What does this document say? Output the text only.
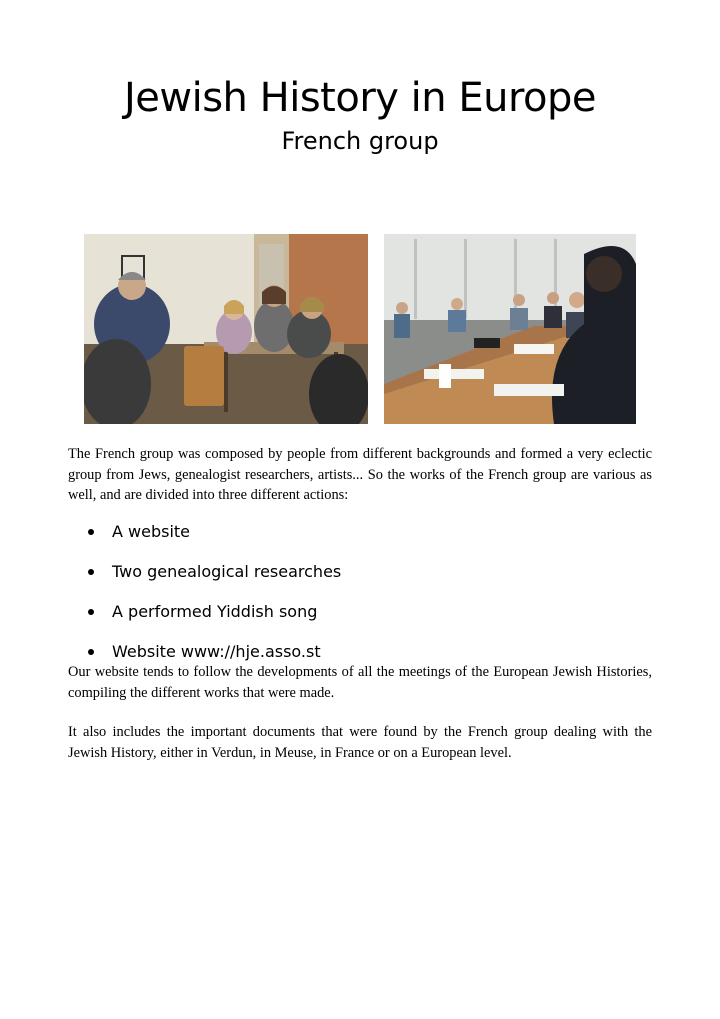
Jewish History in Europe
French group

The French group was composed by people from different backgrounds and formed a very eclectic group from Jews, genealogist researchers, artists... So the works of the French group are various as well, and are divided into three different actions:

A website
Two genealogical researches
A performed Yiddish song
Website www://hje.asso.st

Our website tends to follow the developments of all the meetings of the European Jewish Histories, compiling the different works that were made.

It also includes the important documents that were found by the French group dealing with the Jewish History, either in Verdun, in Meuse, in France or on a European level.
